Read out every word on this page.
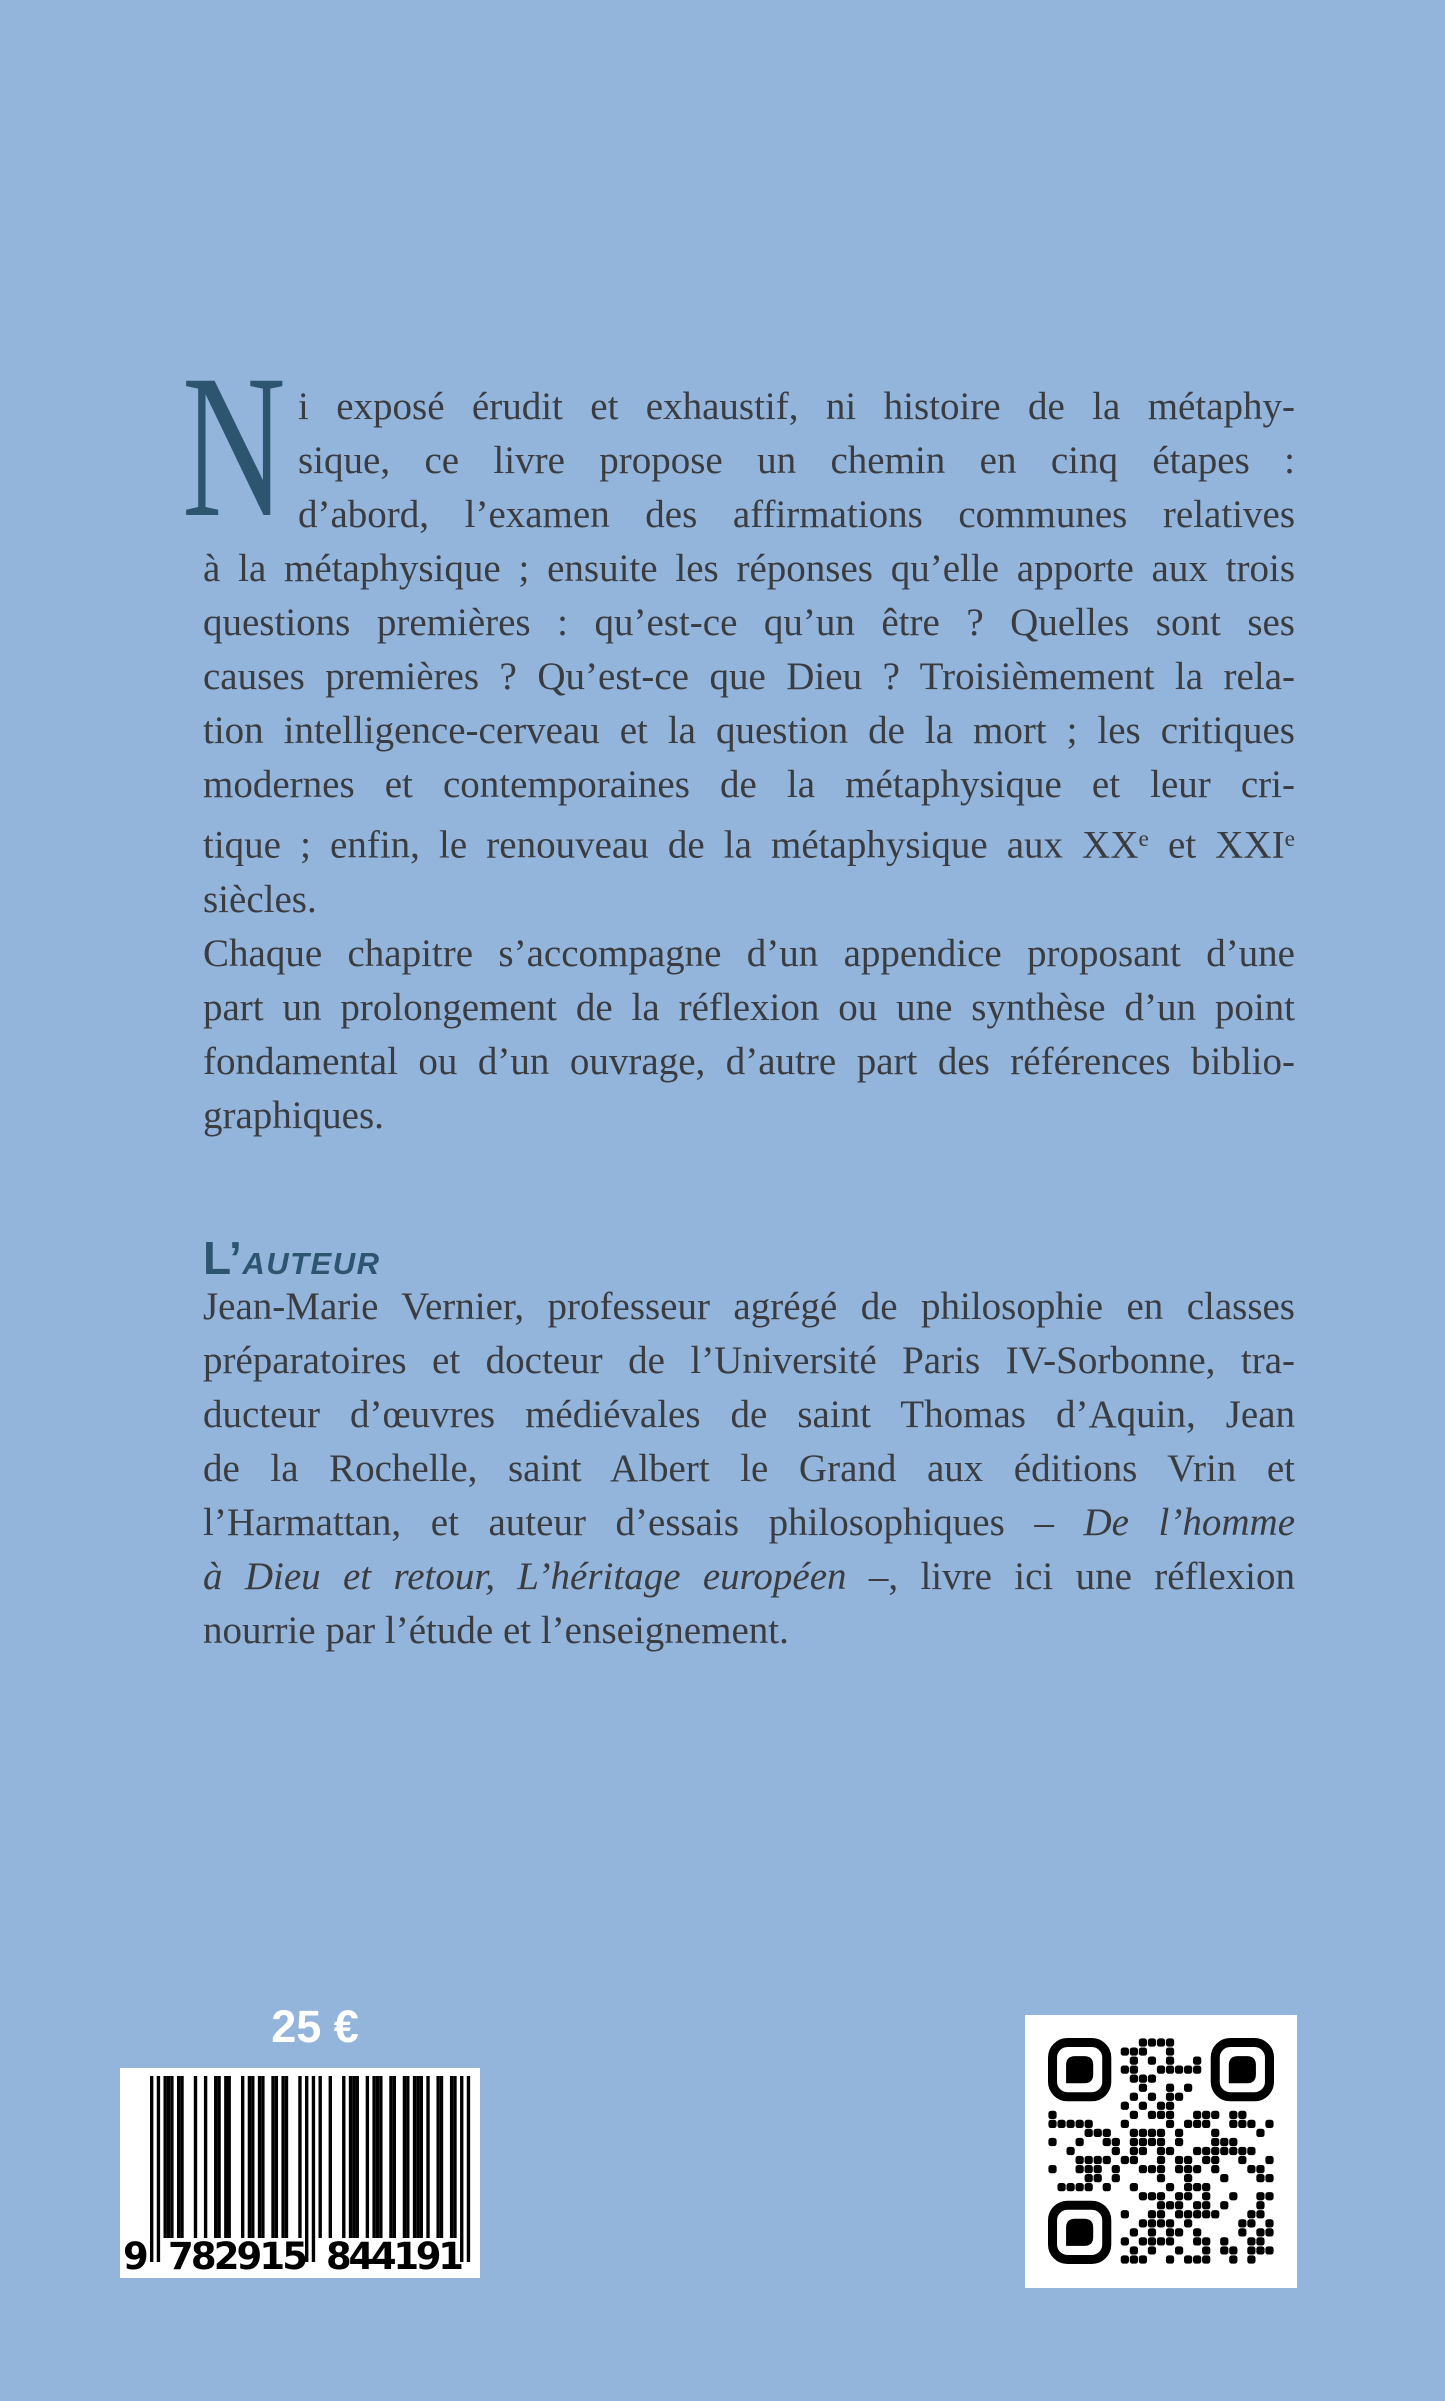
N i exposé érudit et exhaustif, ni histoire de la métaphy-
sique, ce livre propose un chemin en cinq étapes :
d’abord, l’examen des affirmations communes relatives
à la métaphysique ; ensuite les réponses qu’elle apporte aux trois
questions premières : qu’est-ce qu’un être ? Quelles sont ses
causes premières ? Qu’est-ce que Dieu ? Troisièmement la rela-
tion intelligence-cerveau et la question de la mort ; les critiques
modernes et contemporaines de la métaphysique et leur cri-
tique ; enfin, le renouveau de la métaphysique aux XXe et XXIe
siècles.
Chaque chapitre s’accompagne d’un appendice proposant d’une
part un prolongement de la réflexion ou une synthèse d’un point
fondamental ou d’un ouvrage, d’autre part des références biblio-
graphiques.
L’AUTEUR
Jean-Marie Vernier, professeur agrégé de philosophie en classes
préparatoires et docteur de l’Université Paris IV-Sorbonne, tra-
ducteur d’œuvres médiévales de saint Thomas d’Aquin, Jean
de la Rochelle, saint Albert le Grand aux éditions Vrin et
l’Harmattan, et auteur d’essais philosophiques – De l’homme
à Dieu et retour, L’héritage européen –, livre ici une réflexion
nourrie par l’étude et l’enseignement.
25 €
9 782915 844191
